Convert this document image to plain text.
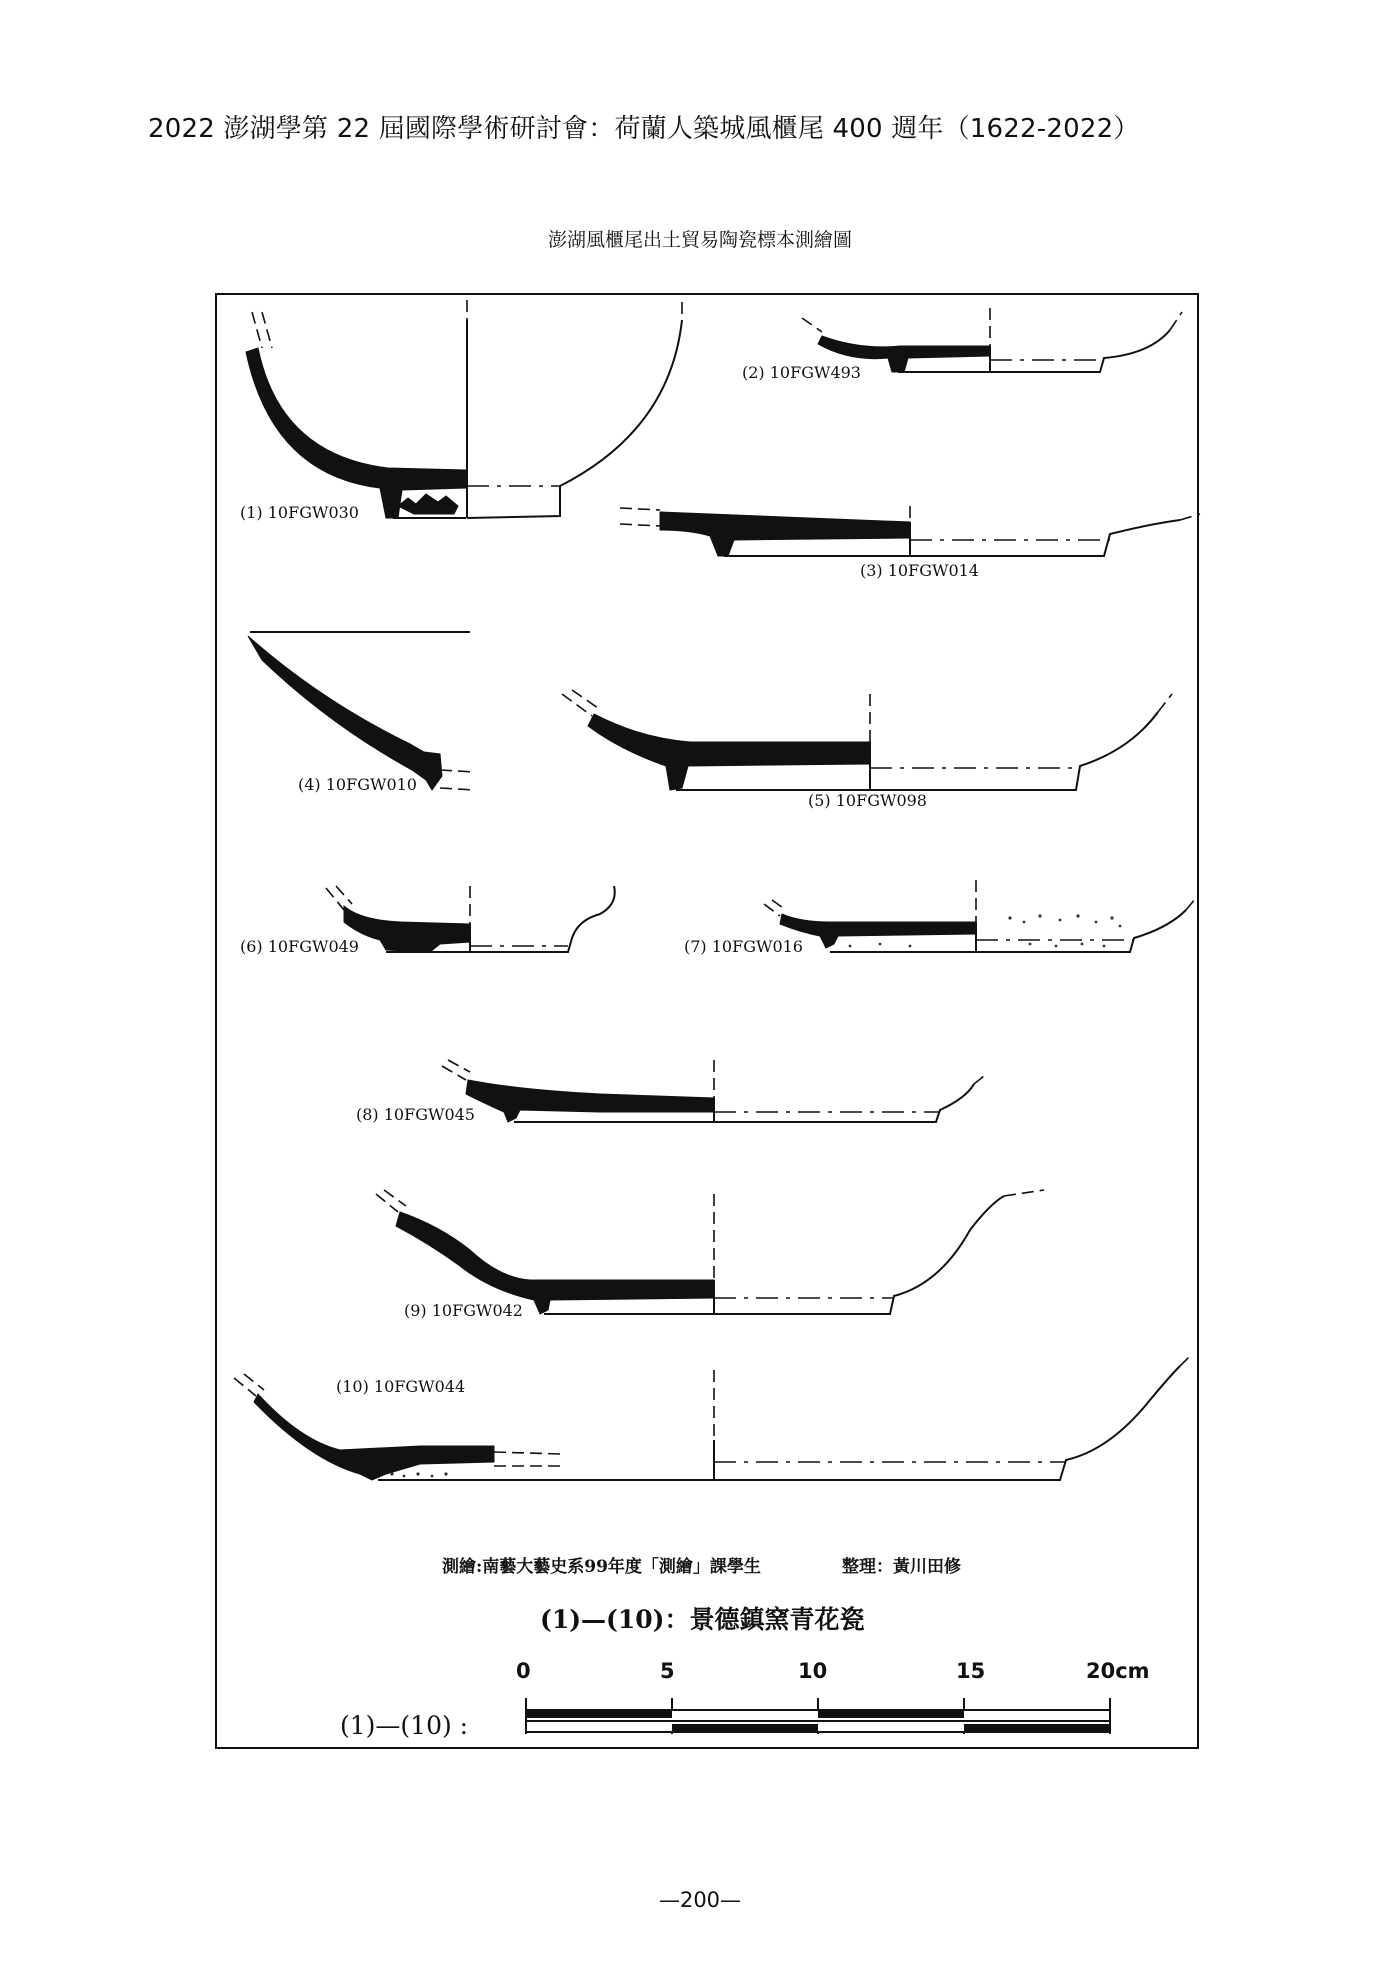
2022 澎湖學第 22 屆國際學術研討會：荷蘭人築城風櫃尾 400 週年（1622-2022）
澎湖風櫃尾出土貿易陶瓷標本測繪圖
(1) 10FGW030
(2) 10FGW493
(3) 10FGW014
(4) 10FGW010
(5) 10FGW098
(6) 10FGW049	(7) 10FGW016
(8) 10FGW045
(9) 10FGW042
(10) 10FGW044
測繪:南藝大藝史系99年度「測繪」課學生	整理：黃川田修
(1)—(10)：景德鎮窯青花瓷
0	5	10	15	20cm
(1)—(10) :
—200—
